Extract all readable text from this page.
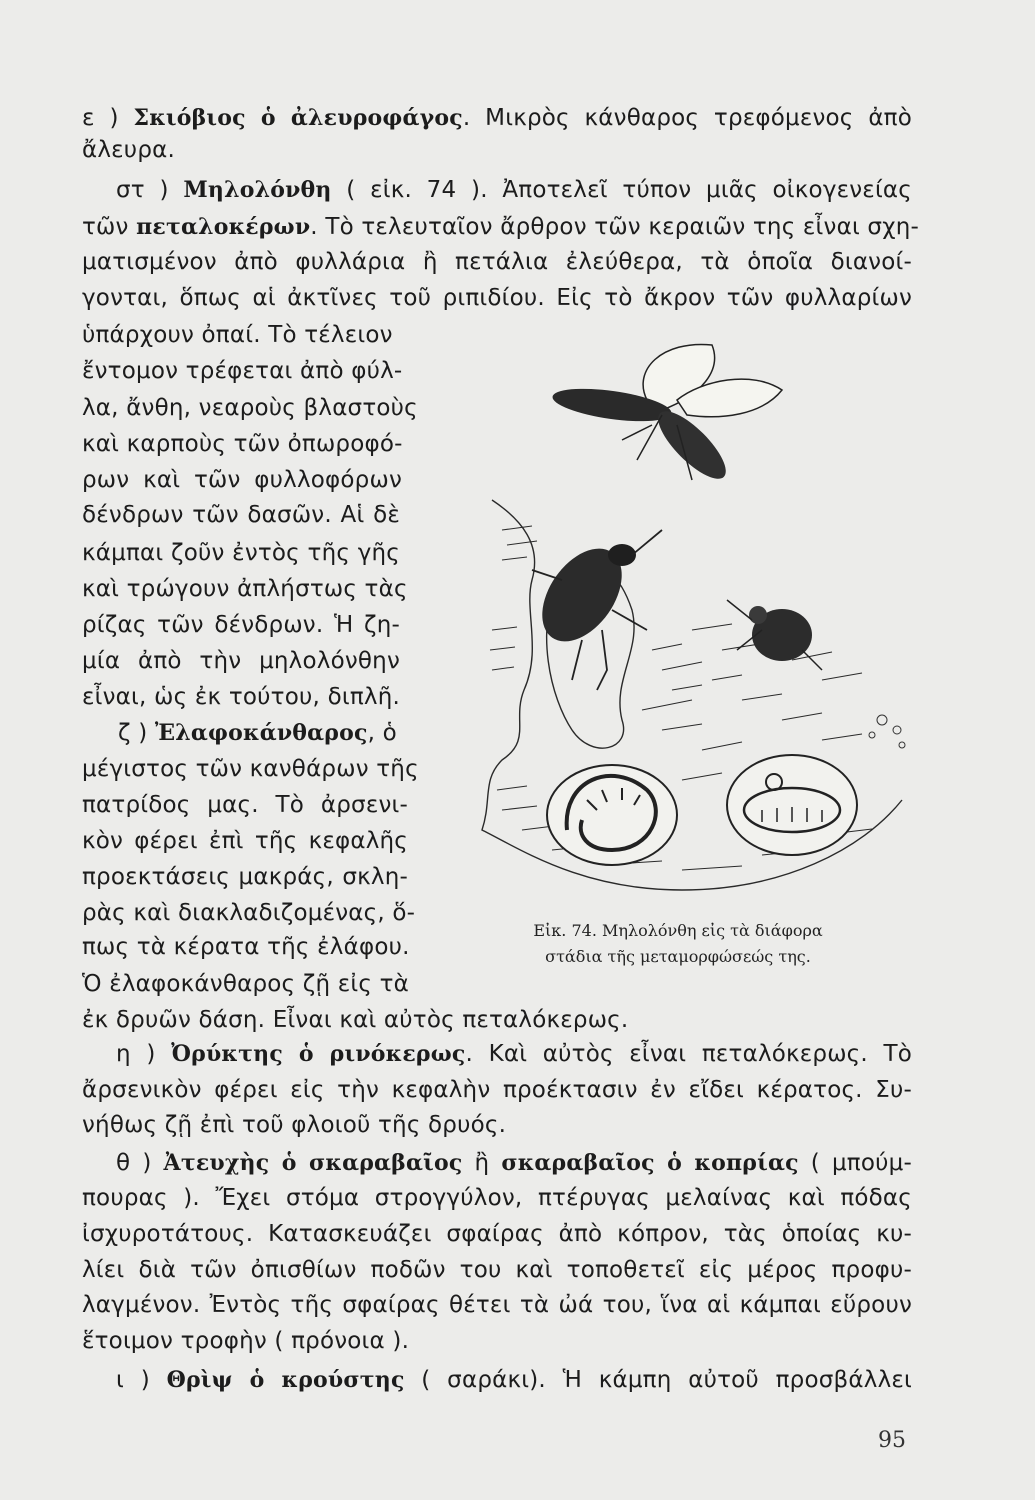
ε ) Σκιόβιος ὁ ἀλευροφάγος. Μικρὸς κάνθαρος τρεφόμενος ἀπὸ
ἄλευρα.
στ ) Μηλολόνθη ( εἰκ. 74 ). Ἀποτελεῖ τύπον μιᾶς οἰκογενείας
τῶν πεταλοκέρων. Τὸ τελευταῖον ἄρθρον τῶν κεραιῶν της εἶναι σχη-
ματισμένον ἀπὸ φυλλάρια ἢ πετάλια ἐλεύθερα, τὰ ὁποῖα διανοί-
γονται, ὅπως αἱ ἀκτῖνες τοῦ ριπιδίου. Εἰς τὸ ἄκρον τῶν φυλλαρίων
ὑπάρχουν ὀπαί. Τὸ τέλειον
ἔντομον τρέφεται ἀπὸ φύλ-
λα, ἄνθη, νεαροὺς βλαστοὺς
καὶ καρποὺς τῶν ὀπωροφό-
ρων καὶ τῶν φυλλοφόρων
δένδρων τῶν δασῶν. Αἱ δὲ
κάμπαι ζοῦν ἐντὸς τῆς γῆς
καὶ τρώγουν ἀπλήστως τὰς
ρίζας τῶν δένδρων. Ἡ ζη-
μία ἀπὸ τὴν μηλολόνθην
εἶναι, ὡς ἐκ τούτου, διπλῆ.
ζ ) Ἐλαφοκάνθαρος, ὁ
μέγιστος τῶν κανθάρων τῆς
πατρίδος μας. Τὸ ἀρσενι-
κὸν φέρει ἐπὶ τῆς κεφαλῆς
προεκτάσεις μακράς, σκλη-
ρὰς καὶ διακλαδιζομένας, ὅ-
πως τὰ κέρατα τῆς ἐλάφου.
Ὁ ἐλαφοκάνθαρος ζῇ εἰς τὰ
ἐκ δρυῶν δάση. Εἶναι καὶ αὐτὸς πεταλόκερως.
η ) Ὀρύκτης ὁ ρινόκερως. Καὶ αὐτὸς εἶναι πεταλόκερως. Τὸ
ἄρσενικὸν φέρει εἰς τὴν κεφαλὴν προέκτασιν ἐν εἴδει κέρατος. Συ-
νήθως ζῇ ἐπὶ τοῦ φλοιοῦ τῆς δρυός.
θ ) Ἀτευχὴς ὁ σκαραβαῖος ἢ σκαραβαῖος ὁ κοπρίας ( μπούμ-
πουρας ). Ἔχει στόμα στρογγύλον, πτέρυγας μελαίνας καὶ πόδας
ἰσχυροτάτους. Κατασκευάζει σφαίρας ἀπὸ κόπρον, τὰς ὁποίας κυ-
λίει διὰ τῶν ὀπισθίων ποδῶν του καὶ τοποθετεῖ εἰς μέρος προφυ-
λαγμένον. Ἐντὸς τῆς σφαίρας θέτει τὰ ὠά του, ἵνα αἱ κάμπαι εὕρουν
ἕτοιμον τροφὴν ( πρόνοια ).
ι ) Θρὶψ ὁ κρούστης ( σαράκι). Ἡ κάμπη αὐτοῦ προσβάλλει
Εἰκ. 74. Μηλολόνθη εἰς τὰ διάφορα
στάδια τῆς μεταμορφώσεώς της.
95
